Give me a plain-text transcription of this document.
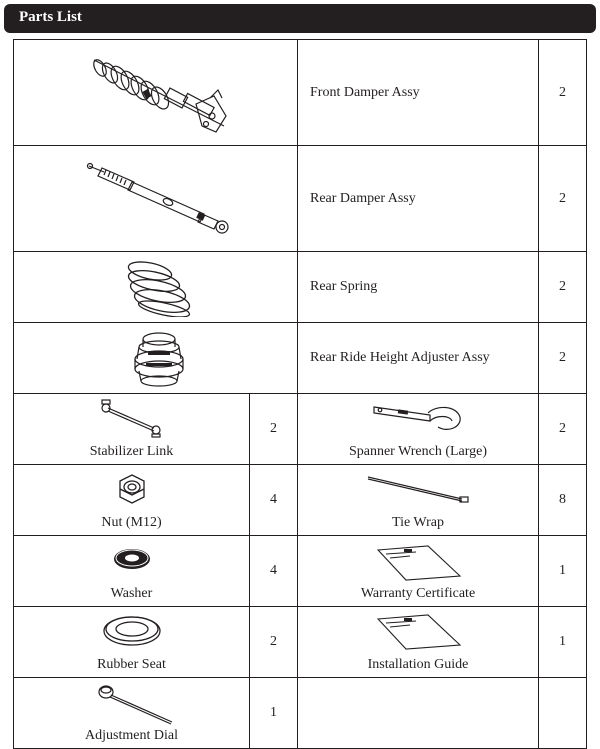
Parts List
	Front Damper Assy	2

	Rear Damper Assy	2

	Rear Spring	2

	Rear Ride Height Adjuster Assy	2

Stabilizer Link	2	Spanner Wrench (Large)	2

Nut (M12)	4	Tie Wrap	8

Washer	4	Warranty Certificate	1

Rubber Seat	2	Installation Guide	1

Adjustment Dial	1		
